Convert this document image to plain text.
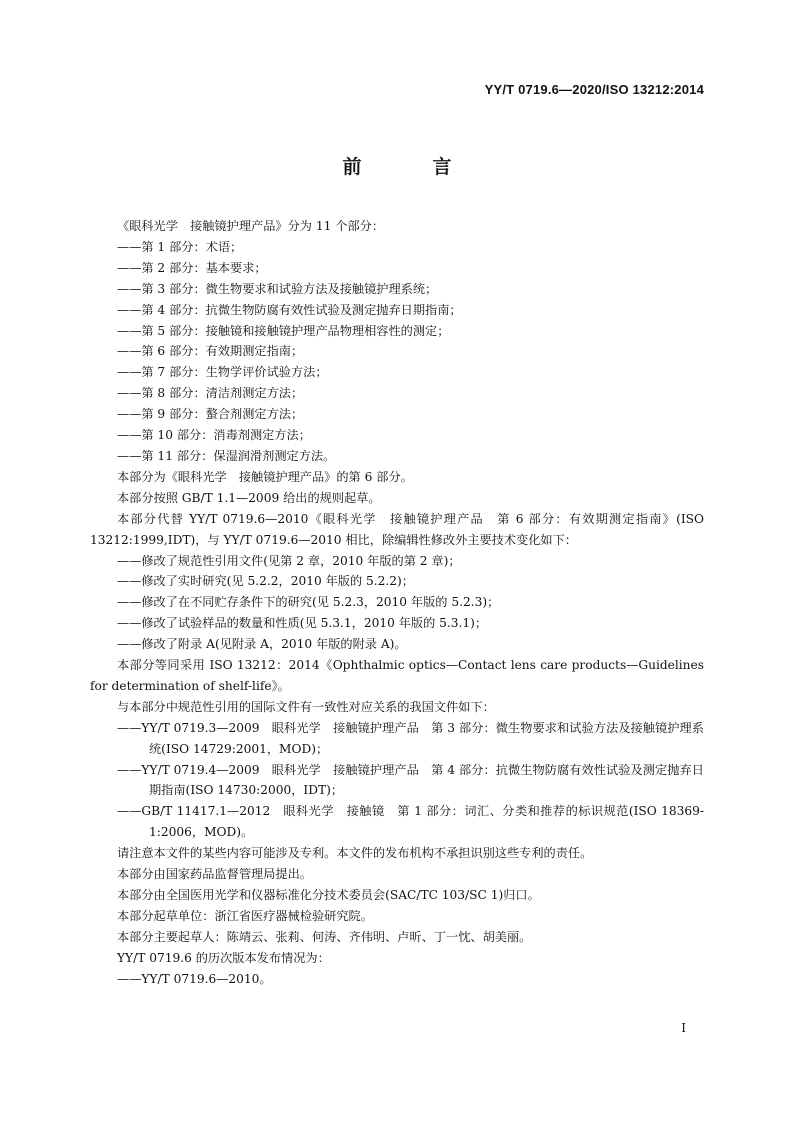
YY/T 0719.6—2020/ISO 13212:2014
前　言
《眼科光学　接触镜护理产品》分为 11 个部分：
——第 1 部分：术语；
——第 2 部分：基本要求；
——第 3 部分：微生物要求和试验方法及接触镜护理系统；
——第 4 部分：抗微生物防腐有效性试验及测定抛弃日期指南；
——第 5 部分：接触镜和接触镜护理产品物理相容性的测定；
——第 6 部分：有效期测定指南；
——第 7 部分：生物学评价试验方法；
——第 8 部分：清洁剂测定方法；
——第 9 部分：螯合剂测定方法；
——第 10 部分：消毒剂测定方法；
——第 11 部分：保湿润滑剂测定方法。
本部分为《眼科光学　接触镜护理产品》的第 6 部分。
本部分按照 GB/T 1.1—2009 给出的规则起草。
本部分代替 YY/T 0719.6—2010《眼科光学　接触镜护理产品　第 6 部分：有效期测定指南》(ISO 13212:1999,IDT)，与 YY/T 0719.6—2010 相比，除编辑性修改外主要技术变化如下：
——修改了规范性引用文件(见第 2 章，2010 年版的第 2 章)；
——修改了实时研究(见 5.2.2，2010 年版的 5.2.2)；
——修改了在不同贮存条件下的研究(见 5.2.3，2010 年版的 5.2.3)；
——修改了试验样品的数量和性质(见 5.3.1，2010 年版的 5.3.1)；
——修改了附录 A(见附录 A，2010 年版的附录 A)。
本部分等同采用 ISO 13212：2014《Ophthalmic optics—Contact lens care products—Guidelines for determination of shelf-life》。
与本部分中规范性引用的国际文件有一致性对应关系的我国文件如下：
——YY/T 0719.3—2009　眼科光学　接触镜护理产品　第 3 部分：微生物要求和试验方法及接触镜护理系统(ISO 14729:2001，MOD)；
——YY/T 0719.4—2009　眼科光学　接触镜护理产品　第 4 部分：抗微生物防腐有效性试验及测定抛弃日期指南(ISO 14730:2000，IDT)；
——GB/T 11417.1—2012　眼科光学　接触镜　第 1 部分：词汇、分类和推荐的标识规范(ISO 18369-1:2006，MOD)。
请注意本文件的某些内容可能涉及专利。本文件的发布机构不承担识别这些专利的责任。
本部分由国家药品监督管理局提出。
本部分由全国医用光学和仪器标准化分技术委员会(SAC/TC 103/SC 1)归口。
本部分起草单位：浙江省医疗器械检验研究院。
本部分主要起草人：陈靖云、张莉、何涛、齐伟明、卢昕、丁一忱、胡美丽。
YY/T 0719.6 的历次版本发布情况为：
——YY/T 0719.6—2010。
I
